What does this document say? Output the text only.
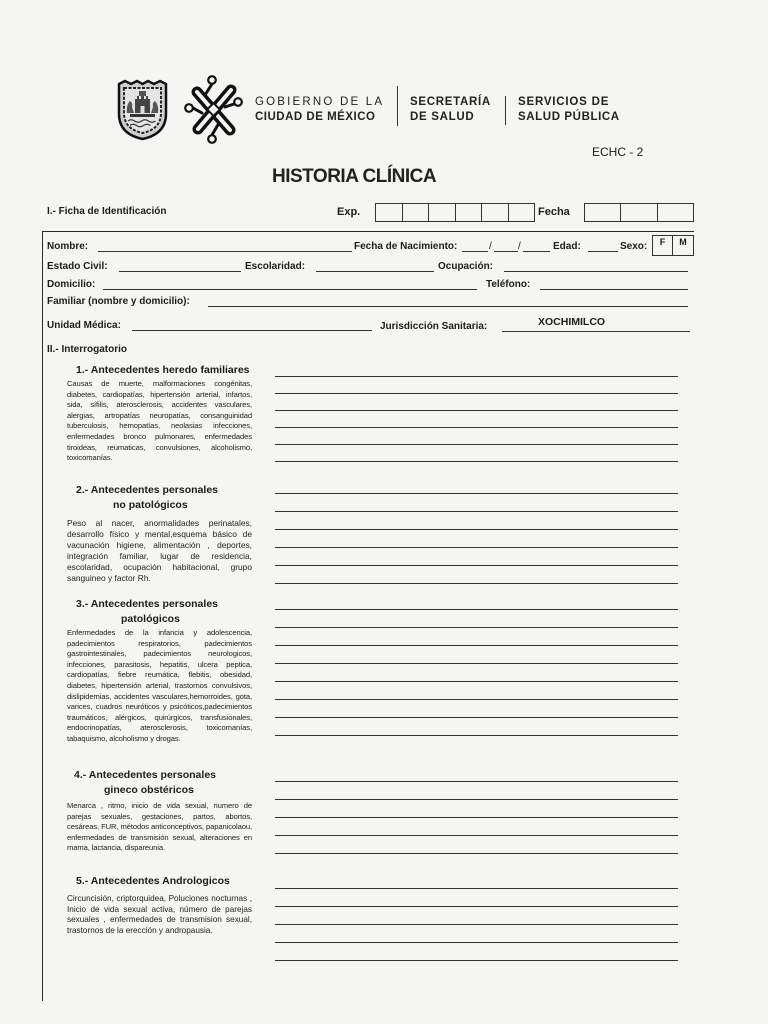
GOBIERNO DE LA
CIUDAD DE MÉXICO
SECRETARÍA
DE SALUD
SERVICIOS DE
SALUD PÚBLICA
ECHC - 2
HISTORIA CLÍNICA
I.- Ficha de Identificación	Exp.	Fecha
Nombre:	Fecha de Nacimiento:	/	/	Edad:	Sexo:	F	M
Estado Civil:	Escolaridad:	Ocupación:
Domicilio:	Teléfono:
Familiar (nombre y domicilio):
Unidad Médica:	Jurisdicción Sanitaria:	XOCHIMILCO
II.- Interrogatorio
1.- Antecedentes heredo familiares
Causas de muerte, malformaciones congénitas, diabetes, cardiopatías, hipertensión arterial, infartos, sida, sífilis, aterosclerosis, accidentes vasculares, alergias, artropatías neuropatías, consanguinidad tuberculosis, hemopatías, neolasias infecciones, enfermedades bronco pulmonares, enfermedades tiroideas, reumaticas, convulsiones, alcoholismo, toxicomanías.
2.- Antecedentes personales
no patológicos
Peso al nacer, anormalidades perinatales, desarrollo físico y mental,esquema básico de vacunación higiene, alimentación , deportes, integración familiar, lugar de residencia, escolaridad, ocupación habitacional, grupo sanguineo y factor Rh.
3.- Antecedentes personales
patológicos
Enfermedades de la infancia y adolescencia, padecimientos respiratorios, padecimientos gastrointestinales, padecimientos neurologicos, infecciones, parasitosis, hepatitis, ulcera peptica, cardiopatías, fiebre reumática, flebitis, obesidad, diabetes, hipertensión arterial, trastornos convulsivos, dislipidemias, accidentes vasculares,hemorroides, gota, varices, cuadros neuróticos y psicóticos,padecimientos traumáticos, alérgicos, quirúrgicos, transfusionales, endocrinopatías, aterosclerosis, toxicomanías, tabaquismo, alcoholismo y drogas.
4.- Antecedentes personales
gineco obstéricos
Menarca , ritmo, inicio de vida sexual, numero de parejas sexuales, gestaciones, partos, abortos, cesáreas, FUR, métodos anticonceptivos, papanicolaou, enfermedades de transmisión sexual, alteraciones en mama, lactancia, dispareunia.
5.- Antecedentes Andrologicos
Circuncisión, criptorquidea, Poluciones nocturnas , Inicio de vida sexual activa, número de parejas sexuales , enfermedades de transmision sexual, trastornos de la erección y andropausia.
